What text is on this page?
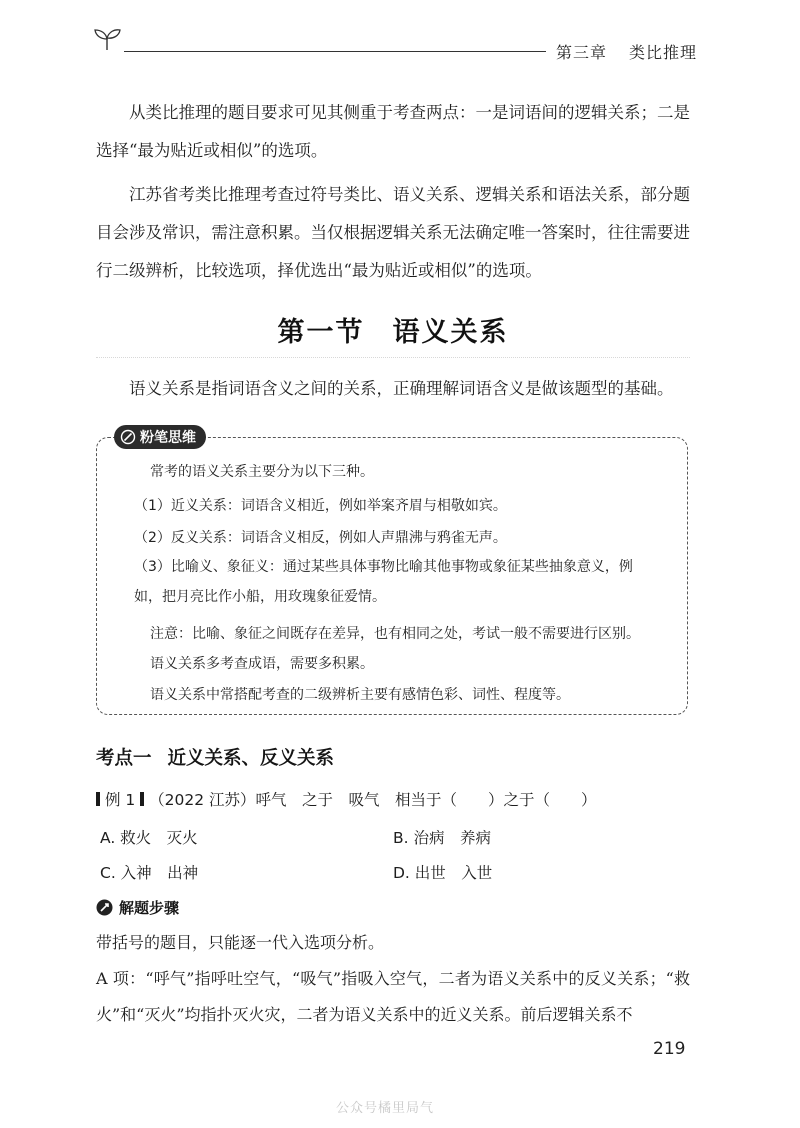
第三章 类比推理

从类比推理的题目要求可见其侧重于考查两点：一是词语间的逻辑关系；二是选择“最为贴近或相似”的选项。

江苏省考类比推理考查过符号类比、语义关系、逻辑关系和语法关系，部分题目会涉及常识，需注意积累。当仅根据逻辑关系无法确定唯一答案时，往往需要进行二级辨析，比较选项，择优选出“最为贴近或相似”的选项。

第一节 语义关系

语义关系是指词语含义之间的关系，正确理解词语含义是做该题型的基础。

粉笔思维
常考的语义关系主要分为以下三种。
（1）近义关系：词语含义相近，例如举案齐眉与相敬如宾。
（2）反义关系：词语含义相反，例如人声鼎沸与鸦雀无声。
（3）比喻义、象征义：通过某些具体事物比喻其他事物或象征某些抽象意义，例如，把月亮比作小船，用玫瑰象征爱情。
注意：比喻、象征之间既存在差异，也有相同之处，考试一般不需要进行区别。
语义关系多考查成语，需要多积累。
语义关系中常搭配考查的二级辨析主要有感情色彩、词性、程度等。
考点一 近义关系、反义关系
例 1 （2022 江苏）呼气　之于　吸气　相当于（　　）之于（　　）
A. 救火　灭火	B. 治病　养病
C. 入神　出神	D. 出世　入世
解题步骤

带括号的题目，只能逐一代入选项分析。

A 项：“呼气”指呼吐空气，“吸气”指吸入空气，二者为语义关系中的反义关系；“救火”和“灭火”均指扑灭火灾，二者为语义关系中的近义关系。前后逻辑关系不

219
公众号橘里局气
